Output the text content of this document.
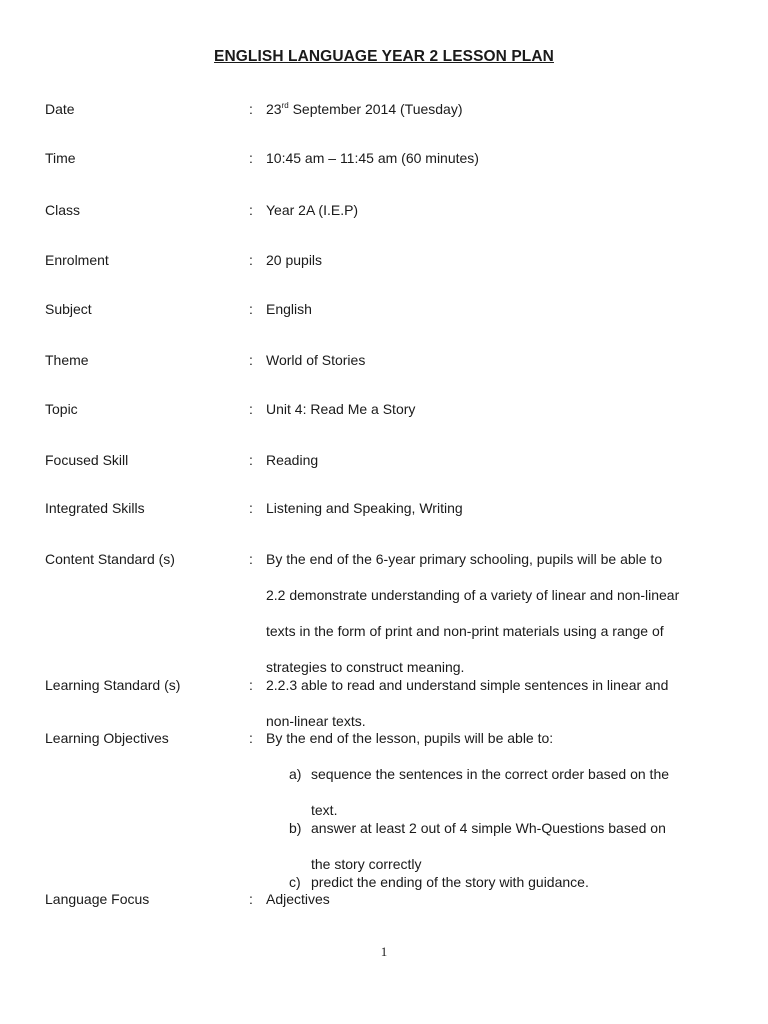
ENGLISH LANGUAGE YEAR 2 LESSON PLAN
Date	: 23rd September 2014 (Tuesday)
Time	: 10:45 am – 11:45 am (60 minutes)
Class	: Year 2A (I.E.P)
Enrolment	: 20 pupils
Subject	: English
Theme	: World of Stories
Topic	: Unit 4: Read Me a Story
Focused Skill	: Reading
Integrated Skills	: Listening and Speaking, Writing
Content Standard (s)	: By the end of the 6-year primary schooling, pupils will be able to
2.2 demonstrate understanding of a variety of linear and non-linear
texts in the form of print and non-print materials using a range of
strategies to construct meaning.
Learning Standard (s)	: 2.2.3 able to read and understand simple sentences in linear and
non-linear texts.
Learning Objectives	: By the end of the lesson, pupils will be able to:
a) sequence the sentences in the correct order based on the
text.
b) answer at least 2 out of 4 simple Wh-Questions based on
the story correctly
c) predict the ending of the story with guidance.
Language Focus	: Adjectives
1
